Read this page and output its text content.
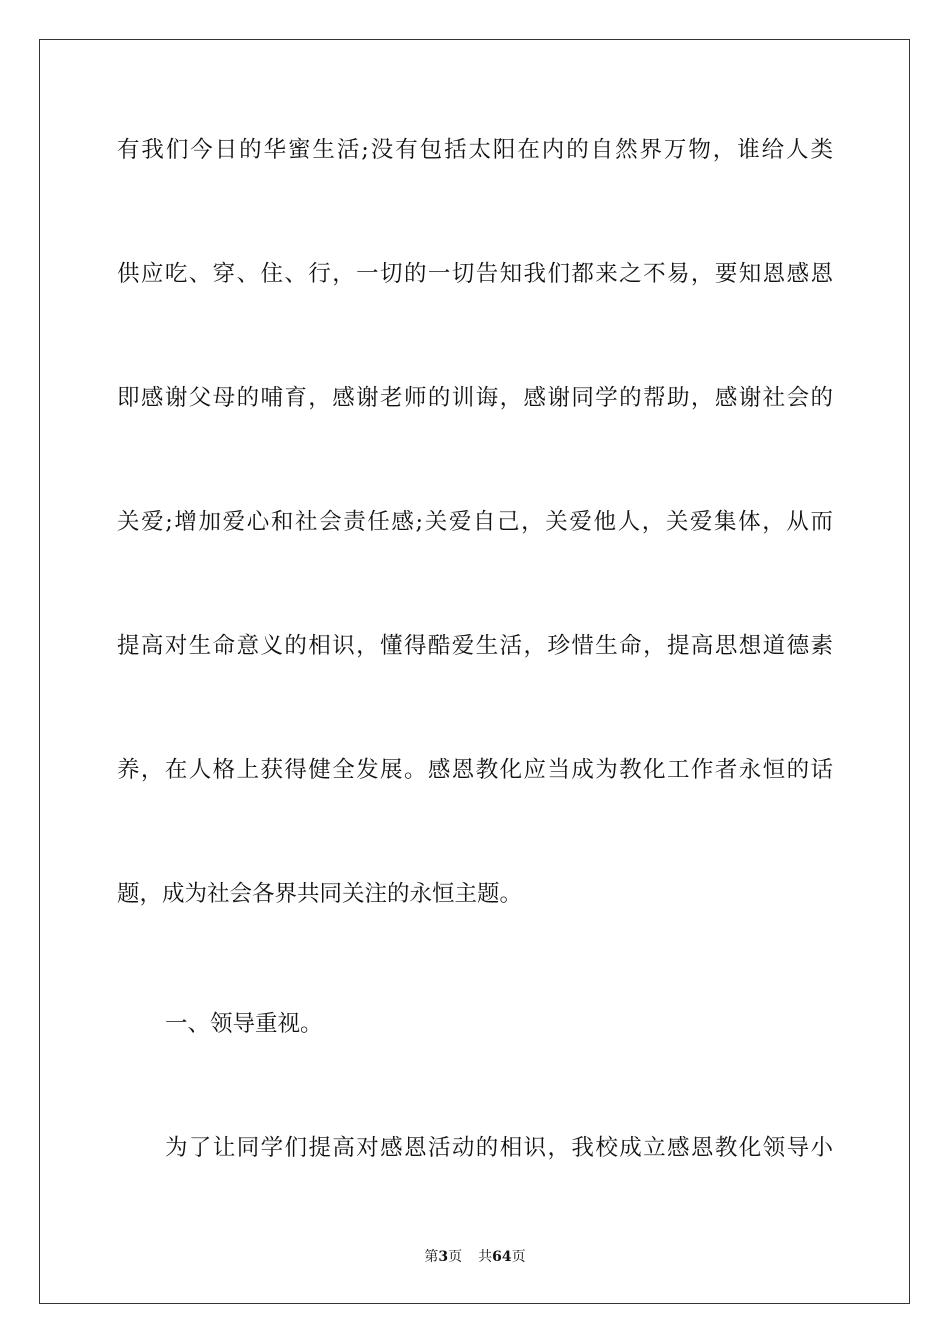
有我们今日的华蜜生活;没有包括太阳在内的自然界万物，谁给人类
供应吃、穿、住、行，一切的一切告知我们都来之不易，要知恩感恩
即感谢父母的哺育，感谢老师的训诲，感谢同学的帮助，感谢社会的
关爱;增加爱心和社会责任感;关爱自己，关爱他人，关爱集体，从而
提高对生命意义的相识，懂得酷爱生活，珍惜生命，提高思想道德素
养，在人格上获得健全发展。感恩教化应当成为教化工作者永恒的话
题，成为社会各界共同关注的永恒主题。
一、领导重视。
为了让同学们提高对感恩活动的相识，我校成立感恩教化领导小
第3页 共64页
